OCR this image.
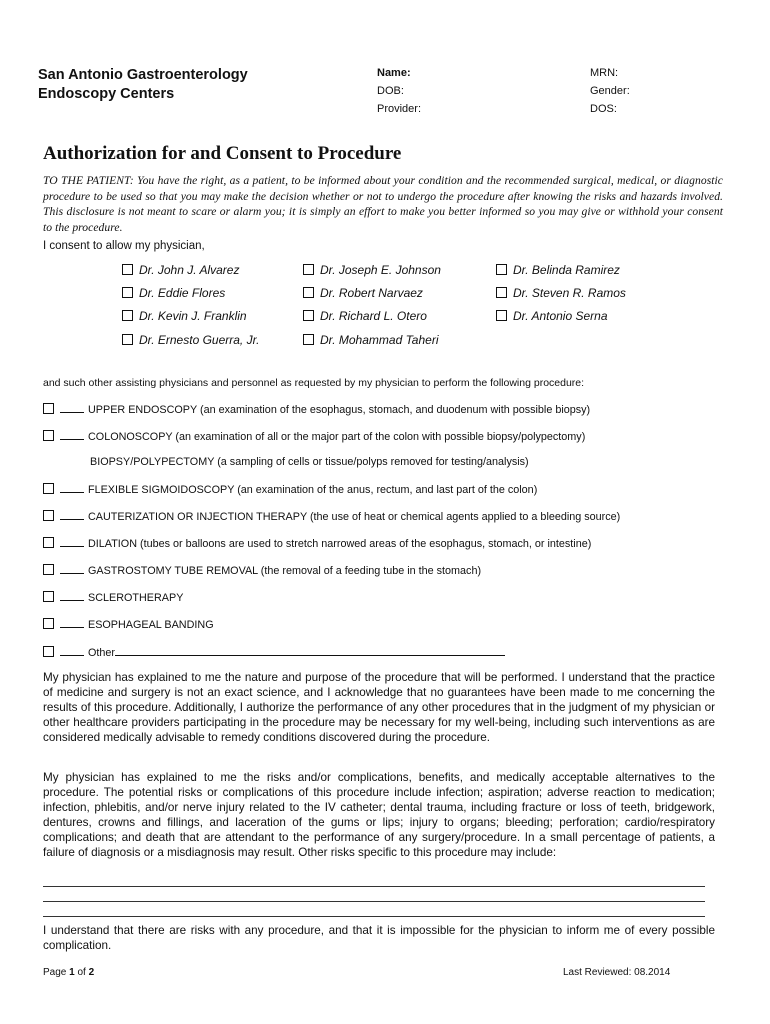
San Antonio Gastroenterology
Endoscopy Centers
Name:
DOB:
Provider:
MRN:
Gender:
DOS:
Authorization for and Consent to Procedure
TO THE PATIENT: You have the right, as a patient, to be informed about your condition and the recommended surgical, medical, or diagnostic procedure to be used so that you may make the decision whether or not to undergo the procedure after knowing the risks and hazards involved. This disclosure is not meant to scare or alarm you; it is simply an effort to make you better informed so you may give or withhold your consent to the procedure.
I consent to allow my physician,
Dr. John J. Alvarez	Dr. Joseph E. Johnson	Dr. Belinda Ramirez
Dr. Eddie Flores	Dr. Robert Narvaez	Dr. Steven R. Ramos
Dr. Kevin J. Franklin	Dr. Richard L. Otero	Dr. Antonio Serna
Dr. Ernesto Guerra, Jr.	Dr. Mohammad Taheri
and such other assisting physicians and personnel as requested by my physician to perform the following procedure:
UPPER ENDOSCOPY (an examination of the esophagus, stomach, and duodenum with possible biopsy)
COLONOSCOPY (an examination of all or the major part of the colon with possible biopsy/polypectomy)
BIOPSY/POLYPECTOMY (a sampling of cells or tissue/polyps removed for testing/analysis)
FLEXIBLE SIGMOIDOSCOPY (an examination of the anus, rectum, and last part of the colon)
CAUTERIZATION OR INJECTION THERAPY (the use of heat or chemical agents applied to a bleeding source)
DILATION (tubes or balloons are used to stretch narrowed areas of the esophagus, stomach, or intestine)
GASTROSTOMY TUBE REMOVAL (the removal of a feeding tube in the stomach)
SCLEROTHERAPY
ESOPHAGEAL BANDING
Other
My physician has explained to me the nature and purpose of the procedure that will be performed. I understand that the practice of medicine and surgery is not an exact science, and I acknowledge that no guarantees have been made to me concerning the results of this procedure. Additionally, I authorize the performance of any other procedures that in the judgment of my physician or other healthcare providers participating in the procedure may be necessary for my well-being, including such interventions as are considered medically advisable to remedy conditions discovered during the procedure.
My physician has explained to me the risks and/or complications, benefits, and medically acceptable alternatives to the procedure. The potential risks or complications of this procedure include infection; aspiration; adverse reaction to medication; infection, phlebitis, and/or nerve injury related to the IV catheter; dental trauma, including fracture or loss of teeth, bridgework, dentures, crowns and fillings, and laceration of the gums or lips; injury to organs; bleeding; perforation; cardio/respiratory complications; and death that are attendant to the performance of any surgery/procedure. In a small percentage of patients, a failure of diagnosis or a misdiagnosis may result. Other risks specific to this procedure may include:
I understand that there are risks with any procedure, and that it is impossible for the physician to inform me of every possible complication.
Page 1 of 2	Last Reviewed: 08.2014
